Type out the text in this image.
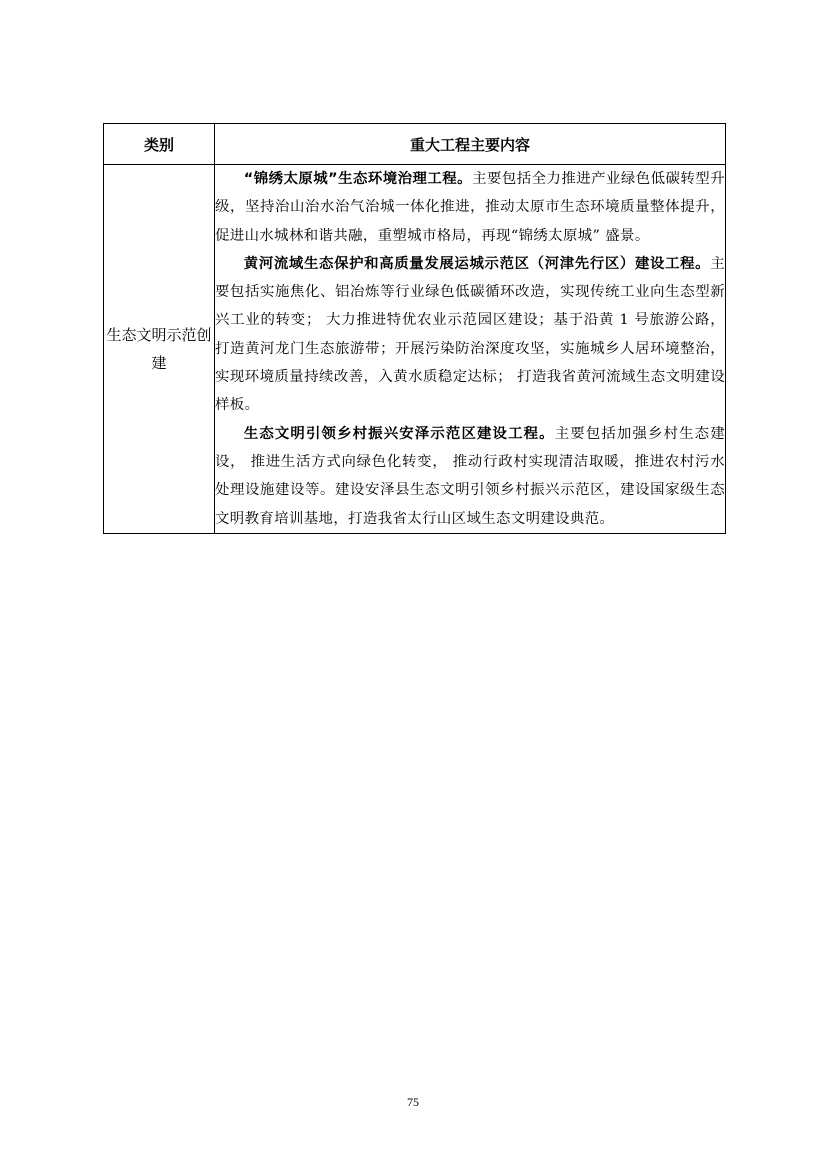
类别	重大工程主要内容
生态文明示范创建	“锦绣太原城”生态环境治理工程。主要包括全力推进产业绿色低碳转型升级，坚持治山治水治气治城一体化推进，推动太原市生态环境质量整体提升，促进山水城林和谐共融，重塑城市格局，再现“锦绣太原城” 盛景。

黄河流域生态保护和高质量发展运城示范区（河津先行区）建设工程。主要包括实施焦化、铝冶炼等行业绿色低碳循环改造，实现传统工业向生态型新兴工业的转变； 大力推进特优农业示范园区建设；基于沿黄 1 号旅游公路，打造黄河龙门生态旅游带；开展污染防治深度攻坚，实施城乡人居环境整治，实现环境质量持续改善，入黄水质稳定达标； 打造我省黄河流域生态文明建设样板。

生态文明引领乡村振兴安泽示范区建设工程。主要包括加强乡村生态建设， 推进生活方式向绿色化转变， 推动行政村实现清洁取暖，推进农村污水处理设施建设等。建设安泽县生态文明引领乡村振兴示范区，建设国家级生态文明教育培训基地，打造我省太行山区域生态文明建设典范。

75
